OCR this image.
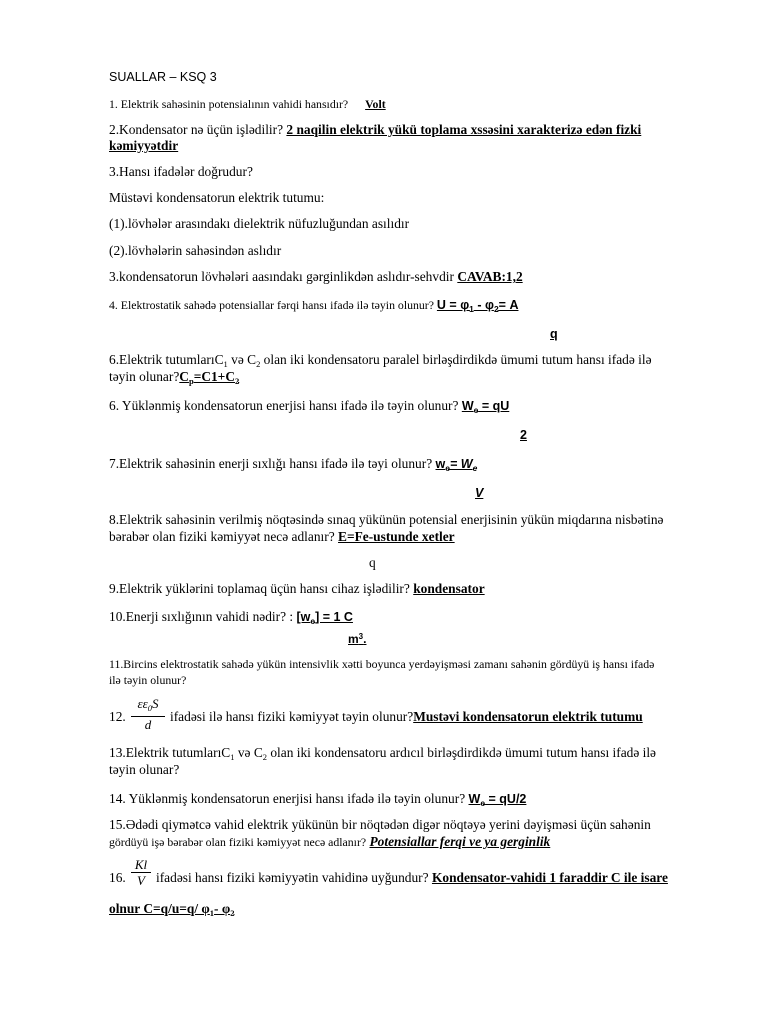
SUALLAR – KSQ 3
1. Elektrik sahəsinin potensialının vahidi hansıdır? Volt
2.Kondensator nə üçün işlədilir? 2 naqilin elektrik yükü toplama xssəsini xarakterizə edən fizki
kəmiyyətdir
3.Hansı ifadələr doğrudur?
Müstəvi kondensatorun elektrik tutumu:
(1).lövhələr arasındakı dielektrik nüfuzluğundan asılıdır
(2).lövhələrin sahəsindən aslıdır
3.kondensatorun lövhələri aasındakı gərginlikdən aslıdır-sehvdir CAVAB:1,2
4. Elektrostatik sahədə potensiallar fərqi hansı ifadə ilə təyin olunur? $U = \varphi_1 - \varphi_2= A$
q
6.Elektrik tutumlarıC$_1$ və $C_2$ olan iki kondensatoru paralel birləşdirdikdə ümumi tutum hansı ifadə ilə
təyin $olunar?C_p=C1+C_2$
6. Yüklənmiş kondensatorun enerjisi hansı ifadə ilə təyin olunur? $W_e$ = qU
2
7.Elektrik sahəsinin enerji sıxlığı hansı ifadə ilə təyi olunur? $w_e= W_e$
V
8.Elektrik sahəsinin verilmiş nöqtəsində sınaq yükünün potensial enerjisinin yükün miqdarına nisbətinə
bərabər olan fiziki kəmiyyət necə adlanır? E=Fe-ustunde xetler
q
9.Elektrik yüklərini toplamaq üçün hansı cihaz işlədilir? kondensator
10.Enerji sıxlığının vahidi nədir? : $[w_e] = 1$ C
$m^3$.
11.Bircins elektrostatik sahədə yükün intensivlik xətti boyunca yerdəyişməsi zamanı sahənin gördüyü iş hansı ifadə
ilə təyin olunur?
12.
$\varepsilon\varepsilon_0S$
d
ifadəsi ilə hansı fiziki kəmiyyət təyin olunur?Mustəvi kondensatorun elektrik tutumu
13.Elektrik tutumlarıC$_1$ və $C_2$ olan iki kondensatoru ardıcıl birləşdirdikdə ümumi tutum hansı ifadə ilə
təyin olunar?
14. Yüklənmiş kondensatorun enerjisi hansı ifadə ilə təyin olunur? $W_e = qU/2$
15.Ədədi qiymətcə vahid elektrik yükünün bir nöqtədən digər nöqtəyə yerini dəyişməsi üçün sahənin
gördüyü işə bərabər olan fiziki kəmiyyət necə adlanır? Potensiallar ferqi ve ya gerginlik
16.
Kl
V ifadəsi hansı fiziki kəmiyyətin vahidinə uyğundur? Kondensator-vahidi 1 faraddir C ile isare
olnur C=q/u=q/ $\varphi_1-$ $\varphi_2$
